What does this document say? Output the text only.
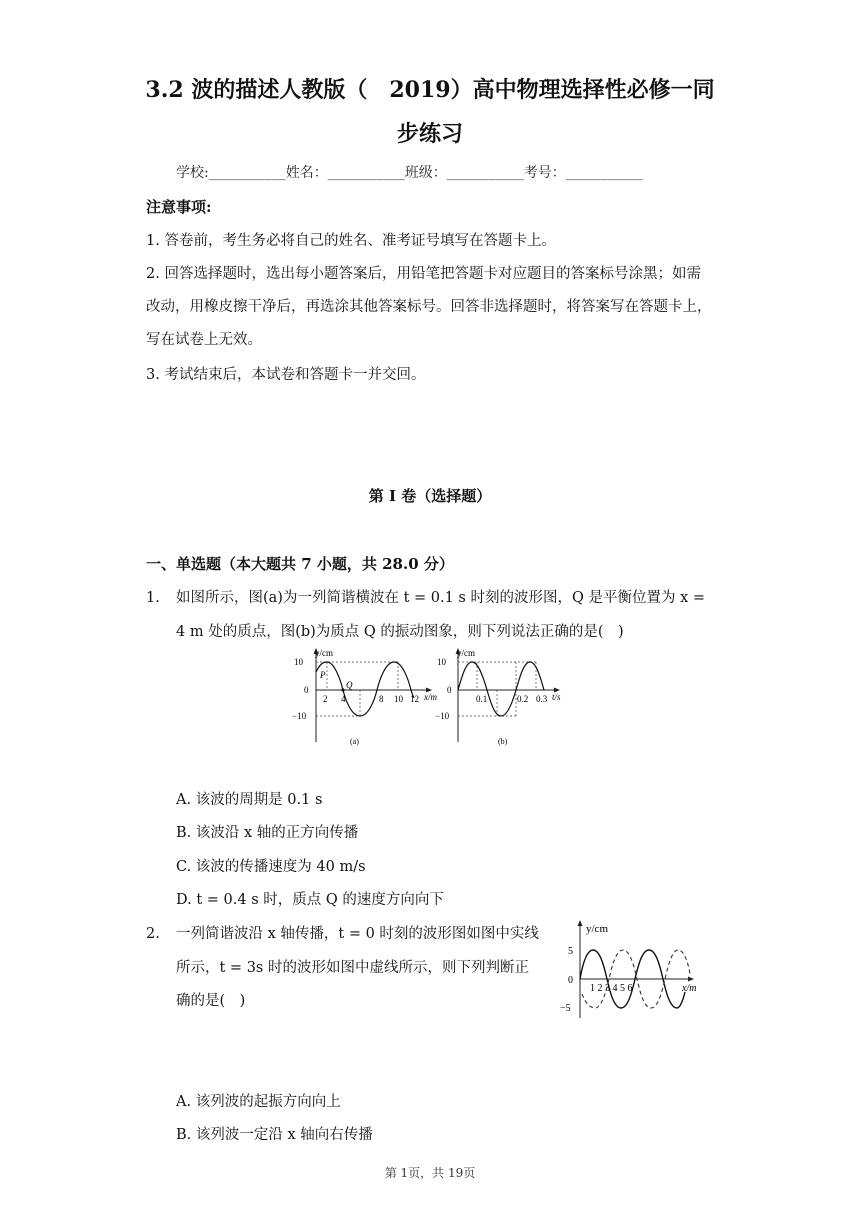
3.2 波的描述人教版（　2019）高中物理选择性必修一同
步练习
学校:___________姓名：___________班级：___________考号：___________
注意事项:
1. 答卷前，考生务必将自己的姓名、准考证号填写在答题卡上。
2. 回答选择题时，选出每小题答案后，用铅笔把答题卡对应题目的答案标号涂黑；如需
改动，用橡皮擦干净后，再选涂其他答案标号。回答非选择题时，将答案写在答题卡上，
写在试卷上无效。
3. 考试结束后，本试卷和答题卡一并交回。
第 I 卷（选择题）
一、单选题（本大题共 7 小题，共 28.0 分）
1. 如图所示，图(a)为一列简谐横波在 t = 0.1 s 时刻的波形图，Q 是平衡位置为 x =
4 m 处的质点，图(b)为质点 Q 的振动图象，则下列说法正确的是(　)
y/cm
10
0
−10
2 4	8 10 12 x/m
P
Q
(a)
y/cm
10
0
−10
0.1	0.2 0.3 t/s
(b)
A. 该波的周期是 0.1 s
B. 该波沿 x 轴的正方向传播
C. 该波的传播速度为 40 m/s
D. t = 0.4 s 时，质点 Q 的速度方向向下
2. 一列简谐波沿 x 轴传播，t = 0 时刻的波形图如图中实线
所示，t = 3s 时的波形如图中虚线所示，则下列判断正
确的是(　)
y/cm
5
0
−5
1 2 3 4 5 6	x/m
A. 该列波的起振方向向上
B. 该列波一定沿 x 轴向右传播
第 1页，共 19页
